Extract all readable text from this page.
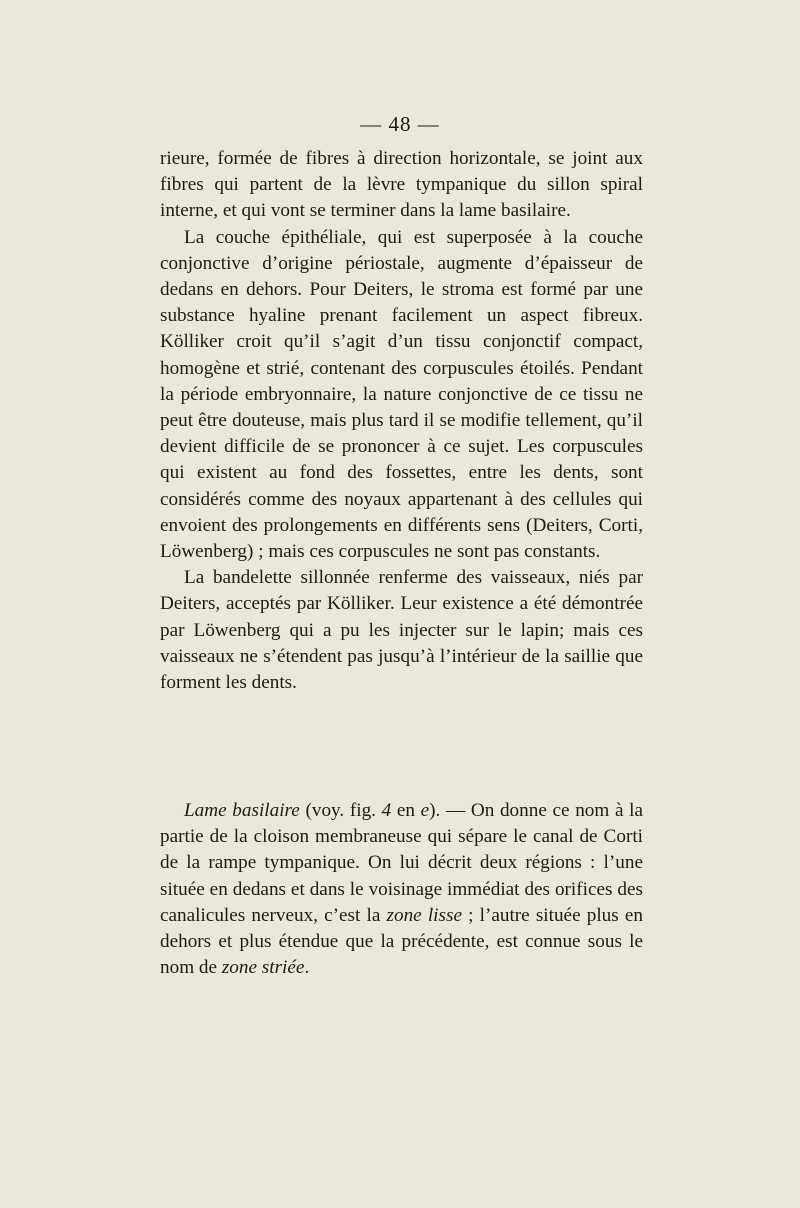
— 48 —

rieure, formée de fibres à direction horizontale, se joint aux fibres qui partent de la lèvre tympanique du sillon spiral interne, et qui vont se terminer dans la lame basilaire.

La couche épithéliale, qui est superposée à la couche conjonctive d’origine périostale, augmente d’épaisseur de dedans en dehors. Pour Deiters, le stroma est formé par une substance hyaline prenant facilement un aspect fibreux. Kölliker croit qu’il s’agit d’un tissu conjonctif compact, homogène et strié, contenant des corpuscules étoilés. Pendant la période embryonnaire, la nature conjonctive de ce tissu ne peut être douteuse, mais plus tard il se modifie tellement, qu’il devient difficile de se prononcer à ce sujet. Les corpuscules qui existent au fond des fossettes, entre les dents, sont considérés comme des noyaux appartenant à des cellules qui envoient des prolongements en différents sens (Deiters, Corti, Löwenberg) ; mais ces corpuscules ne sont pas constants.

La bandelette sillonnée renferme des vaisseaux, niés par Deiters, acceptés par Kölliker. Leur existence a été démontrée par Löwenberg qui a pu les injecter sur le lapin; mais ces vaisseaux ne s’étendent pas jusqu’à l’intérieur de la saillie que forment les dents.

Lame basilaire (voy. fig. 4 en e). — On donne ce nom à la partie de la cloison membraneuse qui sépare le canal de Corti de la rampe tympanique. On lui décrit deux régions : l’une située en dedans et dans le voisinage immédiat des orifices des canalicules nerveux, c’est la zone lisse ; l’autre située plus en dehors et plus étendue que la précédente, est connue sous le nom de zone striée.
